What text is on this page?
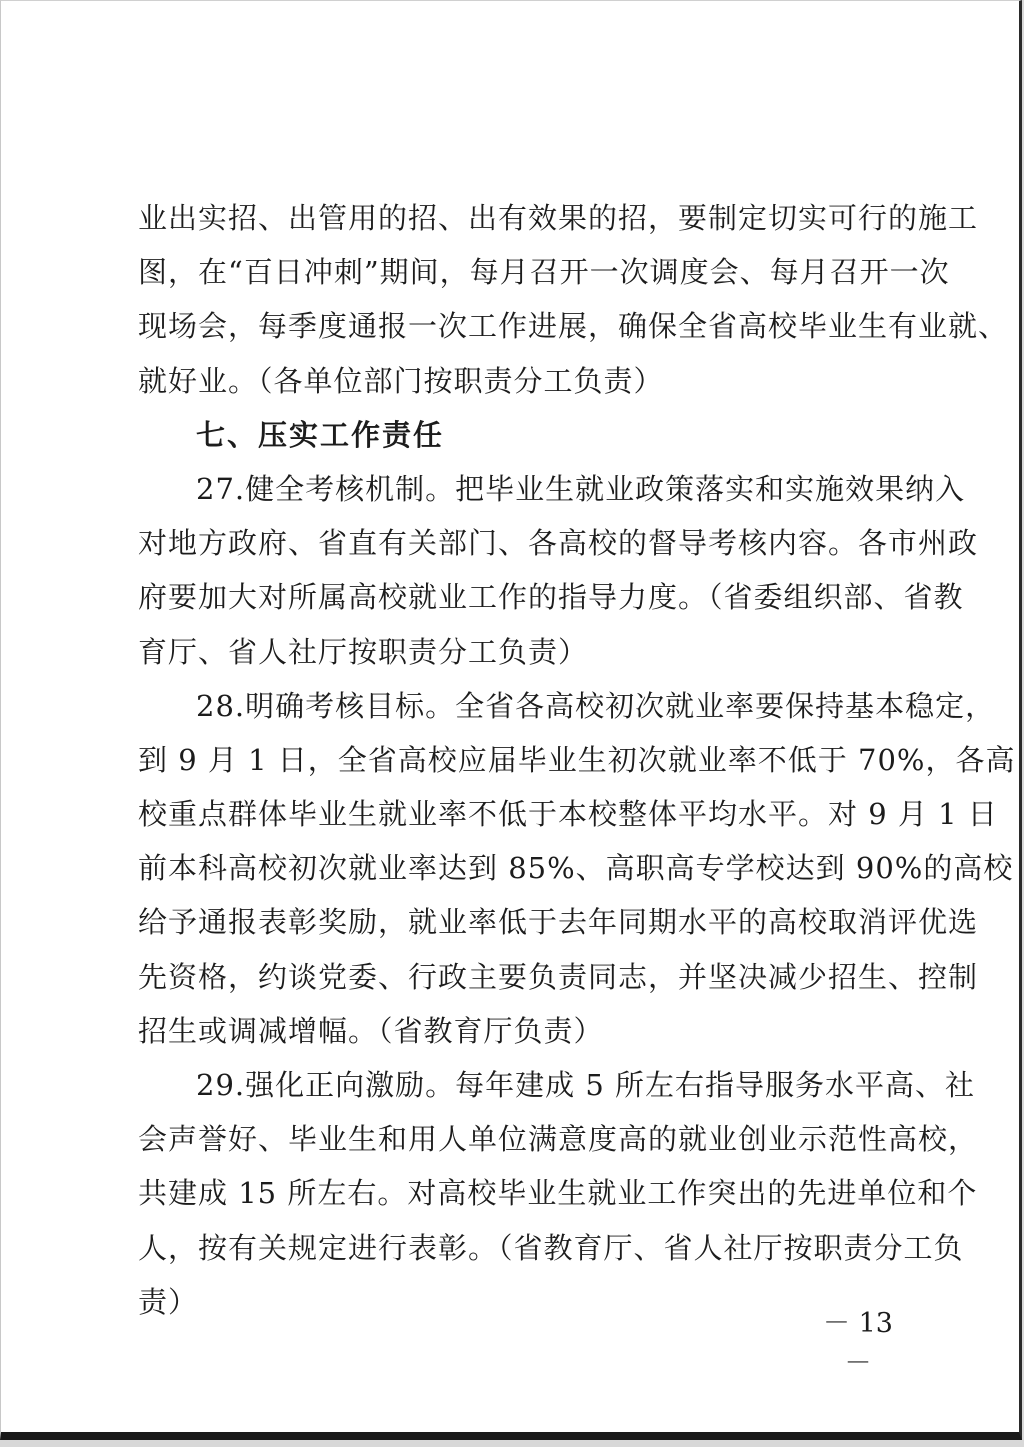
业出实招、出管用的招、出有效果的招，要制定切实可行的施工
图，在“百日冲刺”期间，每月召开一次调度会、每月召开一次
现场会，每季度通报一次工作进展，确保全省高校毕业生有业就、
就好业。（各单位部门按职责分工负责）
七、压实工作责任
27.健全考核机制。把毕业生就业政策落实和实施效果纳入
对地方政府、省直有关部门、各高校的督导考核内容。各市州政
府要加大对所属高校就业工作的指导力度。（省委组织部、省教
育厅、省人社厅按职责分工负责）
28.明确考核目标。全省各高校初次就业率要保持基本稳定，
到 9 月 1 日，全省高校应届毕业生初次就业率不低于 70%，各高
校重点群体毕业生就业率不低于本校整体平均水平。对 9 月 1 日
前本科高校初次就业率达到 85%、高职高专学校达到 90%的高校
给予通报表彰奖励，就业率低于去年同期水平的高校取消评优选
先资格，约谈党委、行政主要负责同志，并坚决减少招生、控制
招生或调减增幅。（省教育厅负责）
29.强化正向激励。每年建成 5 所左右指导服务水平高、社
会声誉好、毕业生和用人单位满意度高的就业创业示范性高校，
共建成 15 所左右。对高校毕业生就业工作突出的先进单位和个
人，按有关规定进行表彰。（省教育厅、省人社厅按职责分工负
责）
－ 13 －
